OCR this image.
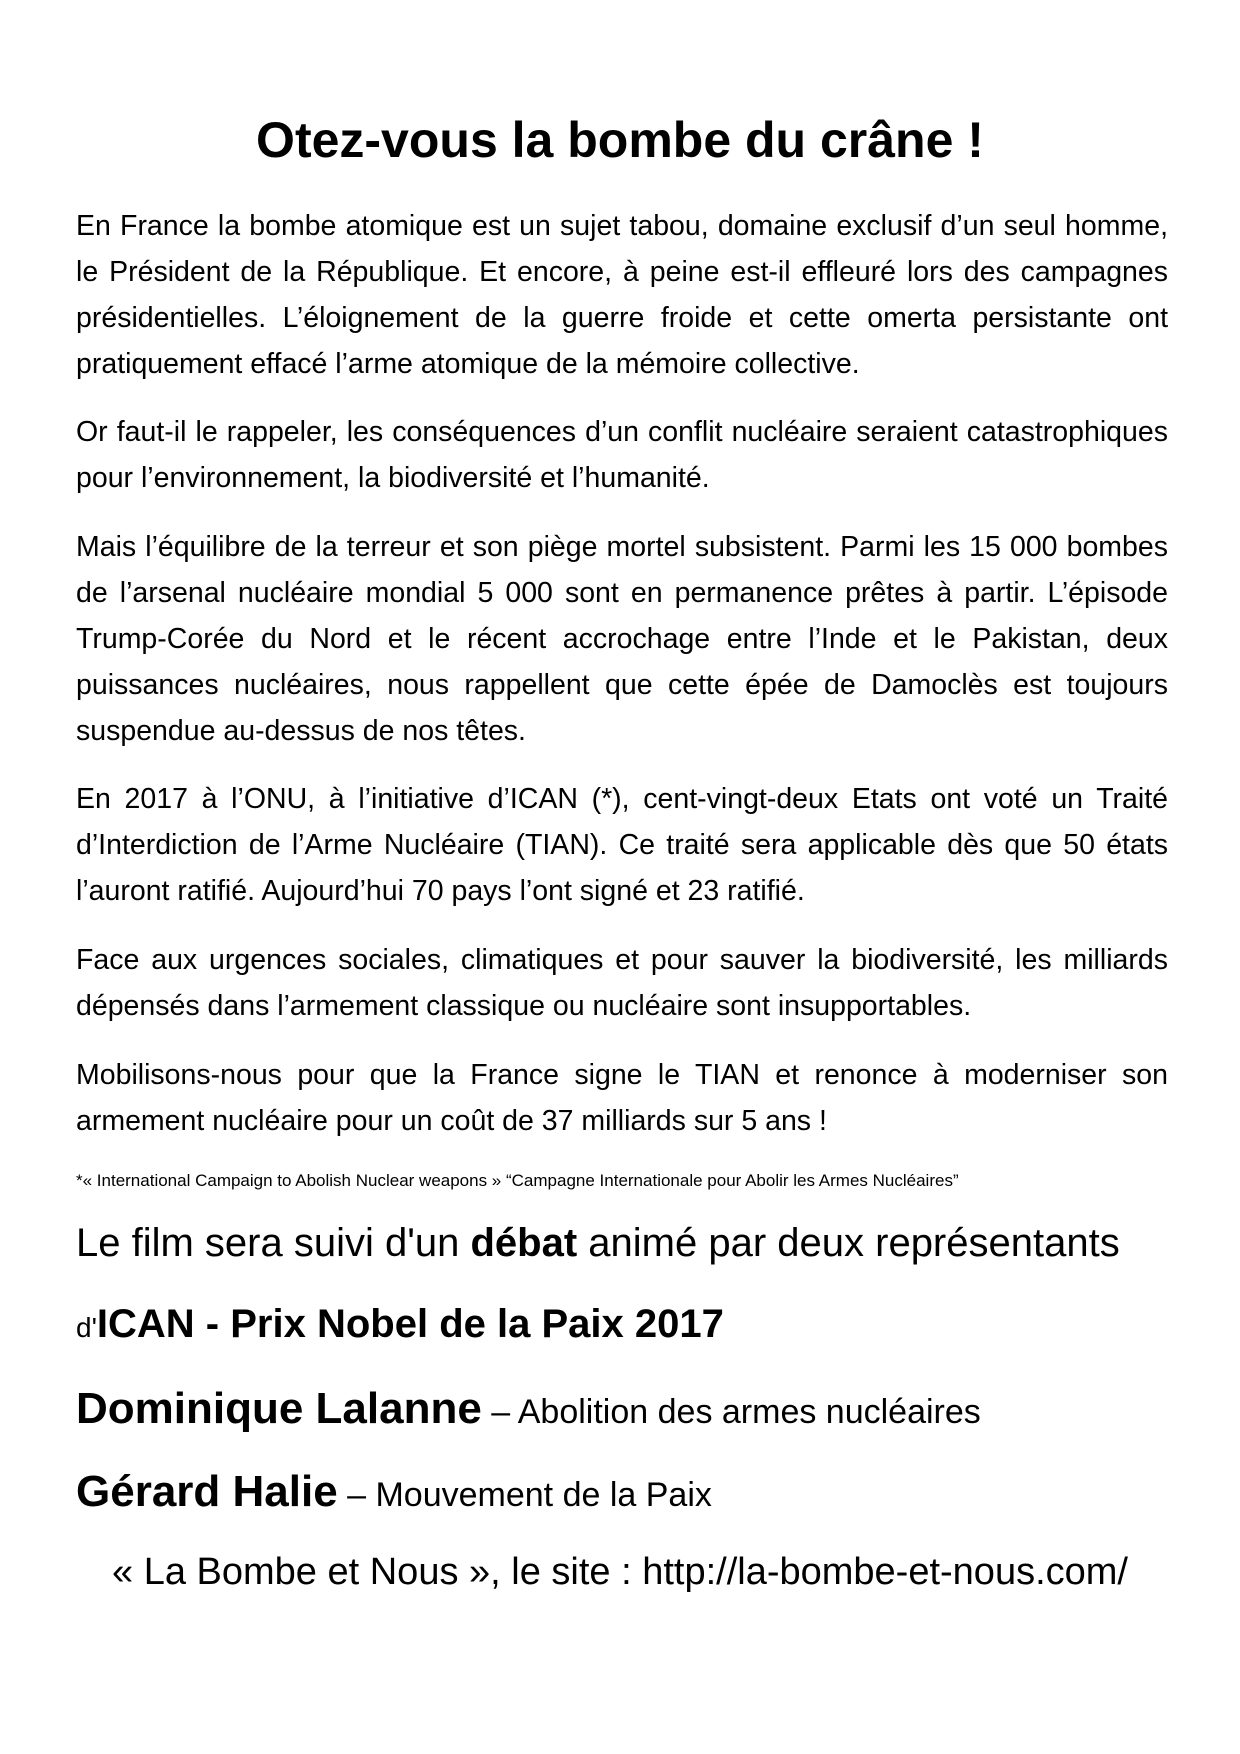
Otez-vous la bombe du crâne !

En France la bombe atomique est un sujet tabou, domaine exclusif d’un seul homme, le Président de la République. Et encore, à peine est-il effleuré lors des campagnes présidentielles. L’éloignement de la guerre froide et cette omerta persistante ont pratiquement effacé l’arme atomique de la mémoire collective.

Or faut-il le rappeler, les conséquences d’un conflit nucléaire seraient catastrophiques pour l’environnement, la biodiversité et l’humanité.

Mais l’équilibre de la terreur et son piège mortel subsistent. Parmi les 15 000 bombes de l’arsenal nucléaire mondial 5 000 sont en permanence prêtes à partir. L’épisode Trump-Corée du Nord et le récent accrochage entre l’Inde et le Pakistan, deux puissances nucléaires, nous rappellent que cette épée de Damoclès est toujours suspendue au-dessus de nos têtes.

En 2017 à l’ONU, à l’initiative d’ICAN (*), cent-vingt-deux Etats ont voté un Traité d’Interdiction de l’Arme Nucléaire (TIAN). Ce traité sera applicable dès que 50 états l’auront ratifié. Aujourd’hui 70 pays l’ont signé et 23 ratifié.

Face aux urgences sociales, climatiques et pour sauver la biodiversité, les milliards dépensés dans l’armement classique ou nucléaire sont insupportables.

Mobilisons-nous pour que la France signe le TIAN et renonce à moderniser son armement nucléaire pour un coût de 37 milliards sur 5 ans !

*« International Campaign to Abolish Nuclear weapons » “Campagne Internationale pour Abolir les Armes Nucléaires”

Le film sera suivi d'un débat animé par deux représentants

d'ICAN - Prix Nobel de la Paix 2017

Dominique Lalanne – Abolition des armes nucléaires

Gérard Halie – Mouvement de la Paix

« La Bombe et Nous », le site : http://la-bombe-et-nous.com/
